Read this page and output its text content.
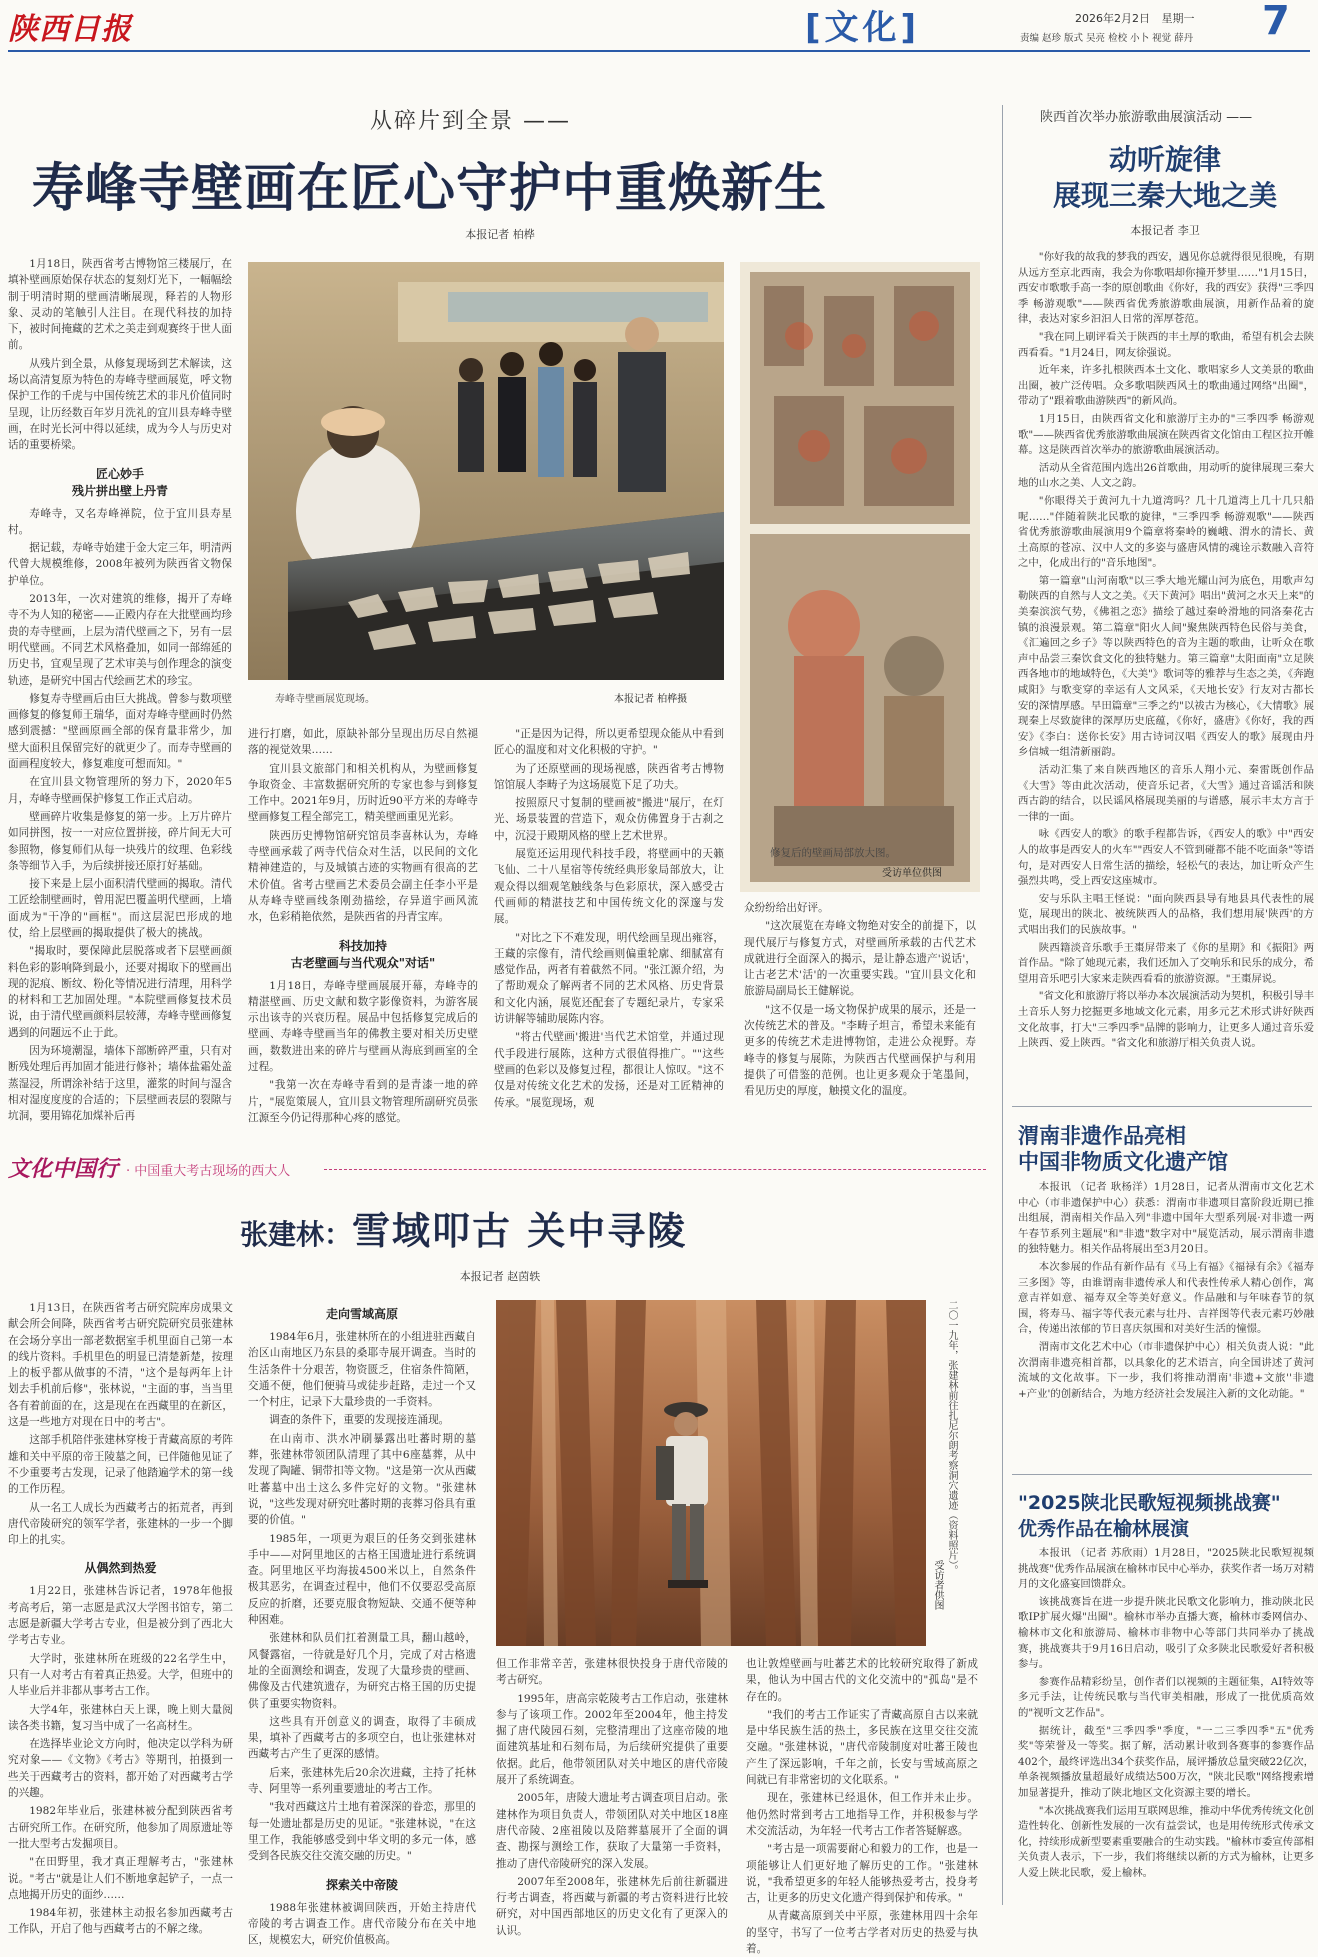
陕西日报	[文化]	2026年2月2日 星期一
责编 赵珍 版式 吴亮 检校 小卜 视觉 薛丹 7
从碎片到全景 ——
寿峰寺壁画在匠心守护中重焕新生
本报记者 柏桦

1月18日，陕西省考古博物馆三楼展厅，在填补壁画原始保存状态的复刻灯光下，一幅幅绘制于明清时期的壁画清晰展现，释若的人物形象、灵动的笔触引人注目。在现代科技的加持下，被时间掩藏的艺术之美走到观赛终于世人面前。

从残片到全景，从修复现场到艺术解读，这场以高清复原为特色的寿峰寺壁画展览，呼文物保护工作的千虎与中国传统艺术的非凡价值同时呈现，让历经数百年岁月洗礼的宜川县寿峰寺壁画，在时光长河中得以延续，成为今人与历史对话的重要桥梁。

匠心妙手
残片拼出壁上丹青

寿峰寺，又名寿峰禅院，位于宜川县寿星村。

据记载，寿峰寺始建于金大定三年，明清两代曾大规模维修，2008年被列为陕西省文物保护单位。

2013年，一次对建筑的维修，揭开了寿峰寺不为人知的秘密——正殿内存在大批壁画均珍贵的寿寺壁画，上层为清代壁画之下，另有一层明代壁画。不同艺术风格叠加，如同一部绵延的历史书，宜观呈现了艺术审美与创作理念的演变轨迹，是研究中国古代绘画艺术的珍宝。

修复寿寺壁画后由巨大挑战。曾参与数项壁画修复的修复师王瑞华，面对寿峰寺壁画时仍然感到震撼："壁画原画全部的保育量非常少，加壁大面积且保留完好的就更少了。而寿寺壁画的面画程度较大，修复难度可想而知。"

在宜川县文物管理所的努力下，2020年5月，寿峰寺壁画保护修复工作正式启动。

壁画碎片收集是修复的第一步。上万片碎片如同拼图，按一一对应位置拼接，碎片间无大可参照物，修复师们从每一块残片的纹理、色彩线条等细节入手，为后续拼接还原打好基础。

接下来是上层小面积清代壁画的揭取。清代工匠绘制壁画时，曾用泥巴覆盖明代壁画，上墙面成为"干净的"画框"。而这层泥巴形成的地仗，给上层壁画的揭取提供了极大的挑战。

"揭取时，要保障此层脱落或者下层壁画颜料色彩的影响降到最小，还要对揭取下的壁画出现的泥痕、断纹、粉化等情况进行清理，用科学的材料和工艺加固处理。"本院壁画修复技术员说，由于清代壁画颜料层较薄，寿峰寺壁画修复遇到的问题远不止于此。

因为环境潮湿，墙体下部断碎严重，只有对断残处理后再加固才能进行修补；墙体盐霜处盖蒸湿浸，所谓涂补结于这里，灌浆的时间与湿含相对湿度度度的合适的；下层壁画表层的裂隙与坑洞，要用锦花加煤补后再

寿峰寺壁画展览现场。	本报记者 柏桦摄
修复后的壁画局部放大图。
受访单位供图

进行打磨，如此，原缺补部分呈现出历尽自然褪落的视觉效果……

宜川县文旅部门和相关机构从，为壁画修复争取资金、丰富数据研究所的专家也参与到修复工作中。2021年9月，历时近90平方米的寿峰寺壁画修复工程全部完工，精美壁画重见光彩。

陕西历史博物馆研究馆员李喜林认为，寿峰寺壁画承载了两寺代信众对生活，以民间的文化精神建造的，与及城镇古迹的实物画有很高的艺术价值。省考古壁画艺术委员会副主任李小平是从寿峰寺壁画线条刚劲描绘，存异道宇画风流水，色彩稍艳依然，是陕西省的丹青宝库。

科技加持
古老壁画与当代观众"对话"

1月18日，寿峰寺壁画展展开幕，寿峰寺的精湛壁画、历史文献和数字影像资料，为游客展示出该寺的兴衰历程。展品中包括修复完成后的壁画、寿峰寺壁画当年的佛教主要对相关历史壁画，数数进出来的碎片与壁画从海底到画室的全过程。

"我第一次在寿峰寺看到的是青漆一地的碎片，"展览策展人，宜川县文物管理所副研究员张江源至今仍记得那种心疼的感觉。

"正是因为记得，所以更希望现众能从中看到匠心的温度和对文化积极的守护。"

为了还原壁画的现场视感，陕西省考古博物馆馆展人李畴子为这场展览下足了功夫。

按照原尺寸复制的壁画被"搬进"展厅，在灯光、场景装置的营造下，观众仿佛置身于古刹之中，沉浸于殿期风格的壁上艺术世界。

展览还运用现代科技手段，将壁画中的天籁飞仙、二十八星宿等传统经典形象局部放大，让观众得以细观笔触线条与色彩原状，深入感受古代画师的精湛技艺和中国传统文化的深邃与发展。

"对比之下不难发现，明代绘画呈现出雍容，王藏的宗像有，清代绘画则偏重轮廓、细腻富有感觉作品，两者有着截然不同。"张江源介绍，为了帮助观众了解两者不同的艺术风格、历史背景和文化内涵，展览还配套了专题纪录片，专家采访讲解等辅助展陈内容。

"将古代壁画'搬进'当代艺术馆堂，并通过现代手段进行展陈，这种方式很值得推广。""这些壁画的色彩以及修复过程，都很让人惊叹。"这不仅是对传统文化艺术的发扬，还是对工匠精神的传承。"展览现场，观

众纷纷给出好评。

"这次展览在寿峰文物绝对安全的前提下，以现代展厅与修复方式，对壁画所承载的古代艺术成就进行全面深入的揭示，是让静态遗产'说话'，让古老艺术'活'的一次重要实践。"宜川县文化和旅游局副局长王健解说。

"这不仅是一场文物保护成果的展示，还是一次传统艺术的普及。"李畴子坦言，希望未来能有更多的传统艺术走进博物馆，走进公众视野。寿峰寺的修复与展陈，为陕西古代壁画保护与利用提供了可借鉴的范例。也让更多观众于笔墨间，看见历史的厚度，触摸文化的温度。

陕西首次举办旅游歌曲展演活动 ——
动听旋律
展现三秦大地之美
本报记者 李卫

"你好我的故我的梦我的西安，遇见你总就得很见很晚，有期从远方至京北西南，我会为你歌唱却你撞开梦里……"1月15日，西安市歌歌手高一李的原创歌曲《你好，我的西安》获得"三季四季 畅游观歌"——陕西省优秀旅游歌曲展演，用新作品着的旋律，表达对家乡汩汩人日常的浑厚苍范。

"我在同上刷评看关于陕西的丰土厚的歌曲，希望有机会去陕西看看。"1月24日，网友徐强说。

近年来，许多扎根陕西本土文化、歌唱家乡人文美景的歌曲出圈，被广泛传唱。众多歌唱陕西风土的歌曲通过网络"出圈"，带动了"跟着歌曲游陕西"的新风尚。

1月15日，由陕西省文化和旅游厅主办的"三季四季 畅游观歌"——陕西省优秀旅游歌曲展演在陕西省文化馆由工程区拉开帷幕。这是陕西首次举办的旅游歌曲展演活动。

活动从全省范围内选出26首歌曲，用动听的旋律展现三秦大地的山水之美、人文之韵。

"你眼得关于黄河九十九道湾吗？几十几道湾上几十几只船呢……"伴随着陕北民歌的旋律，"三季四季 畅游观歌"——陕西省优秀旅游歌曲展演用9个篇章将秦岭的巍峨、渭水的清长、黄土高原的苍凉、汉中人文的多姿与盛唐风情的魂诠示数融入音符之中，化成出行的"音乐地图"。

第一篇章"山河南歌"以三季大地光耀山河为底色，用歌声勾勒陕西的自然与人文之美。《天下黄河》唱出"黄河之水天上来"的美秦滨滨气势，《佛祖之恋》描绘了越过秦岭滑地的同洛秦花古镇的浪漫景观。第二篇章"阳火人间"聚焦陕西特色民俗与美食，《汇遍回之乡子》等以陕西特色的音为主题的歌曲，让听众在歌声中品尝三秦饮食文化的独特魅力。第三篇章"太阳面南"立足陕西各地市的地域特色，《大美"》歌词等的雅荐与生态之美，《奔跑咸阳》与歌变穿的幸运有人文风采，《天地长安》行友对古都长安的深情厚感。早田篇章"三季之约"以祓古为核心，《大情歌》展现秦上尽致旋律的深厚历史底蕴，《你好，盛唐》《你好，我的西安》《李白：送你长安》用古诗词汉唱《西安人的歌》展现由丹乡信城一组清新丽韵。

活动汇集了来自陕西地区的音乐人翔小元、秦雷既创作品《大雪》等由此次活动，使音乐记者，《大雪》通过音谣活和陕西古韵的结合，以民谣风格展现美丽的与谱感，展示丰太方言于一律的一面。

咏《西安人的歌》的歌手程都告诉，《西安人的歌》中"西安人的故事是西安人的火车""西安人不管到碰都不能不吃面条"等语句，是对西安人日常生活的描绘，轻松气的表达，加让听众产生强烈共鸣，受上西安这座城市。

安与乐队主唱王怪说："面向陕西县导有地县具代表性的展览，展现出的陕北、被统陕西人的品格，我们想用展'陕西'的方式唱出我们的民族故事。"

陕西籍淡音乐歌手王棗屏带来了《你的星期》和《振阳》两首作品。"除了她现元素，我们还加入了交响乐和民乐的成分，希望用音乐吧引大家来走陕西看看的旅游资源。"王棗屏说。

"省文化和旅游厅将以举办本次展演活动为契机，积极引导丰土音乐人努力挖掘更多地域文化元素，用多元艺术形式讲好陕西文化故事，打大"三季四季"品牌的影响力，让更多人通过音乐爱上陕西、爱上陕西。"省文化和旅游厅相关负责人说。

渭南非遗作品亮相
中国非物质文化遗产馆

本报讯 （记者 耿杨洋）1月28日，记者从渭南市文化艺术中心（市非遗保护中心）获悉：渭南市非遗项目富阶段近期已推出组展，渭南相关作品入列"非遗中国年大型系列展·对非遗一两午春节系列主题展"和"非遗"数字对中"展览活动，展示渭南非遗的独特魅力。相关作品将展出至3月20日。

本次参展的作品有新作品有《马上有福》《福禄有余》《福寿三多图》等，由谁谓南非遗传承人和代表性传承人精心创作，寓意吉祥如意、福寿双全等美好意义。作品融和与年味春节的氛围，将寿马、福字等代表元素与壮丹、吉祥图等代表元素巧妙融合，传递出浓郁的节日喜庆氛围和对美好生活的憧憬。

渭南市文化艺术中心（市非遗保护中心）相关负责人说："此次渭南非遗亮相首都，以具象化的艺术语言，向全国讲述了黄河流域的文化故事。下一步，我们将推动渭南'非遗+文旅''非遗+产业'的创新结合，为地方经济社会发展注入新的文化动能。"

"2025陕北民歌短视频挑战赛"
优秀作品在榆林展演

本报讯 （记者 苏欣雨）1月28日，"2025陕北民歌短视频挑战赛"优秀作品展演在榆林市民中心举办，获奖作者一场万对精月的文化盛宴回馈群众。

该挑战赛旨在进一步提升陕北民歌文化影响力，推动陕北民歌IP扩展火爆"出圈"。榆林市举办直播大赛，榆林市委网信办、榆林市文化和旅游局、榆林市非物中心等部门共同举办了挑战赛，挑战赛共于9月16日启动，吸引了众多陕北民歌爱好者积极参与。

参赛作品精彩纷呈，创作者们以视频的主题征集，AI特效等多元手法，让传统民歌与当代审美相融，形成了一批优质高效的"视听文艺作品"。

据统计，截至"三季四季"季度，"一二三季四季"五"优秀奖"等荣誉及一等奖。据了解，活动累计收到各赛事的参赛作品402个，最终评选出34个获奖作品，展评播放总量突破22亿次，单条视频播放量超最好成绩达500万次，"陕北民歌"网络搜索增加显著提升，推动了陕北地区文化资源主要的增长。

"本次挑战赛我们运用互联网思维，推动中华优秀传统文化创造性转化、创新性发展的一次有益尝试，也是用传统形式传承文化，持续形成新型要素重要融合的生动实践。"榆林市委宣传部相关负责人表示，下一步，我们将继续以新的方式为榆林，让更多人爱上陕北民歌，爱上榆林。

文化中国行 · 中国重大考古现场的西大人
张建林：雪域叩古 关中寻陵
本报记者 赵茵轶

1月13日，在陕西省考古研究院库房成果文献会所会间降，陕西省考古研究院研究员张建林在会场分享出一部老数据室手机里面自己第一本的线片资料。手机里色的明显已清楚新楚，按理上的板乎都从做事的不清，"这个是每两年上计划去手机前后修"，张林说，"主面的事，当当里各有着前面的在，这是现在在西藏里的在新区，这是一些地方对现在日中的考古"。

这部手机陪伴张建林穿梭于青藏高原的考阵雄和关中平原的帝王陵墓之间，已伴随他见证了不少重要考古发现，记录了他踏遍学术的第一线的工作历程。

从一名工人成长为西藏考古的拓荒者，再到唐代帝陵研究的领军学者，张建林的一步一个脚印上的扎实。

从偶然到热爱

1月22日，张建林告诉记者，1978年他报考高考后，第一志愿是武汉大学图书馆专，第二志愿是新疆大学考古专业，但是被分到了西北大学考古专业。

大学时，张建林所在班级的22名学生中，只有一人对考古有着真正热爱。大学，但班中的人毕业后并非都从事考古工作。

大学4年，张建林白天上课，晚上则大量阅读各类书籍，复习当中成了一名高材生。

在选择毕业论文方向时，他决定以学科为研究对象——《文物》《考古》等期刊，拍摄到一些关于西藏考古的资料，都开始了对西藏考古学的兴趣。

1982年毕业后，张建林被分配到陕西省考古研究所工作。在研究所，他参加了周原遗址等一批大型考古发掘项目。

"在田野里，我才真正理解考古，"张建林说。"考古"就是让人们不断地拿起铲子，一点一点地揭开历史的面纱……

1984年初，张建林主动报名参加西藏考古工作队，开启了他与西藏考古的不解之缘。

走向雪域高原

1984年6月，张建林所在的小组进驻西藏自治区山南地区乃东县的桑耶寺展开调查。当时的生活条件十分艰苦，物资匮乏，住宿条件简陋，交通不便，他们便骑马或徒步赶路，走过一个又一个村庄，记录下大量珍贵的一手资料。

调查的条件下，重要的发现接连涌现。

在山南市、洪水冲刷暴露出吐蕃时期的墓葬，张建林带领团队清理了其中6座墓葬，从中发现了陶罐、铜带扣等文物。"这是第一次从西藏吐蕃墓中出土这么多件完好的文物。"张建林说，"这些发现对研究吐蕃时期的丧葬习俗具有重要的价值。"

1985年，一项更为艰巨的任务交到张建林手中——对阿里地区的古格王国遗址进行系统调查。阿里地区平均海拔4500米以上，自然条件极其恶劣，在调查过程中，他们不仅要忍受高原反应的折磨，还要克服食物短缺、交通不便等种种困难。

张建林和队员们扛着测量工具，翻山越岭，风餐露宿，一待就是好几个月，完成了对古格遗址的全面测绘和调查，发现了大量珍贵的壁画、佛像及古代建筑遗存，为研究古格王国的历史提供了重要实物资料。

这些具有开创意义的调查，取得了丰硕成果，填补了西藏考古的多项空白，也让张建林对西藏考古产生了更深的感情。

后来，张建林先后20余次进藏，主持了托林寺、阿里等一系列重要遗址的考古工作。

"我对西藏这片土地有着深深的眷恋，那里的每一处遗址都是历史的见证。"张建林说，"在这里工作，我能够感受到中华文明的多元一体，感受到各民族交往交流交融的历史。"

探索关中帝陵

1988年张建林被调回陕西，开始主持唐代帝陵的考古调查工作。唐代帝陵分布在关中地区，规模宏大，研究价值极高。

二〇一九年，张建林前往扎尼尔朗考察洞穴遗迹（资料照片）。
受访者供图

但工作非常辛苦，张建林很快投身于唐代帝陵的考古研究。

1995年，唐高宗乾陵考古工作启动，张建林参与了该项工作。2002年至2004年，他主持发掘了唐代陵园石刻，完整清理出了这座帝陵的地面建筑基址和石刻布局，为后续研究提供了重要依据。此后，他带领团队对关中地区的唐代帝陵展开了系统调查。

2005年，唐陵大遗址考古调查项目启动。张建林作为项目负责人，带领团队对关中地区18座唐代帝陵、2座祖陵以及陪葬墓展开了全面的调查、勘探与测绘工作，获取了大量第一手资料，推动了唐代帝陵研究的深入发展。

2007年至2008年，张建林先后前往新疆进行考古调查，将西藏与新疆的考古资料进行比较研究，对中国西部地区的历史文化有了更深入的认识。

也让敦煌壁画与吐蕃艺术的比较研究取得了新成果，他认为中国古代的文化交流中的"孤岛"是不存在的。

"我们的考古工作证实了青藏高原自古以来就是中华民族生活的热土，多民族在这里交往交流交融。"张建林说，"唐代帝陵制度对吐蕃王陵也产生了深远影响，千年之前，长安与雪域高原之间就已有非常密切的文化联系。"

现在，张建林已经退休，但工作并未止步。他仍然时常到考古工地指导工作，并积极参与学术交流活动，为年轻一代考古工作者答疑解惑。

"考古是一项需要耐心和毅力的工作，也是一项能够让人们更好地了解历史的工作。"张建林说，"我希望更多的年轻人能够热爱考古，投身考古，让更多的历史文化遗产得到保护和传承。"

从青藏高原到关中平原，张建林用四十余年的坚守，书写了一位考古学者对历史的热爱与执着。
